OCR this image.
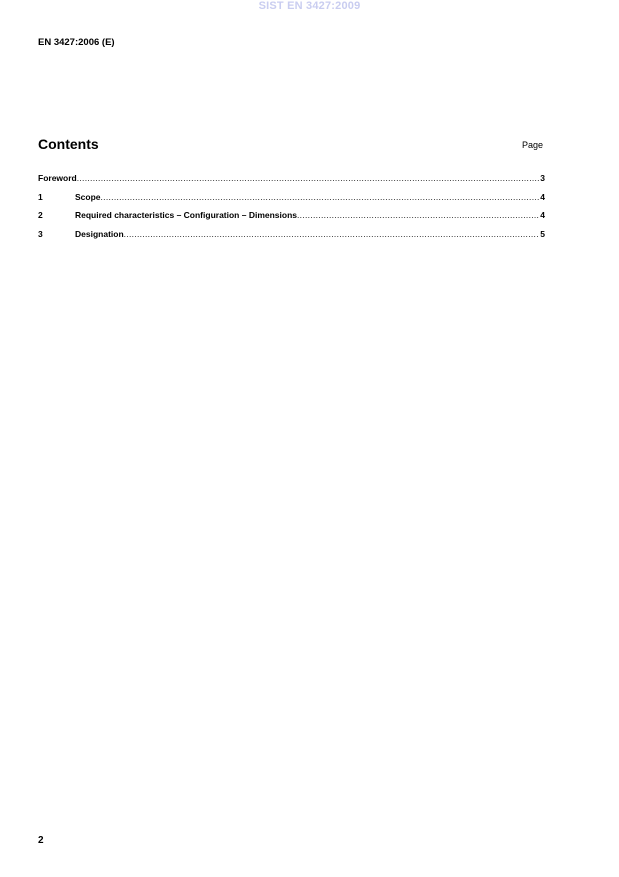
SIST EN 3427:2009
EN 3427:2006 (E)
Contents	Page
Foreword .....	3
1	Scope .....	4
2	Required characteristics – Configuration – Dimensions .....	4
3	Designation .....	5
2
